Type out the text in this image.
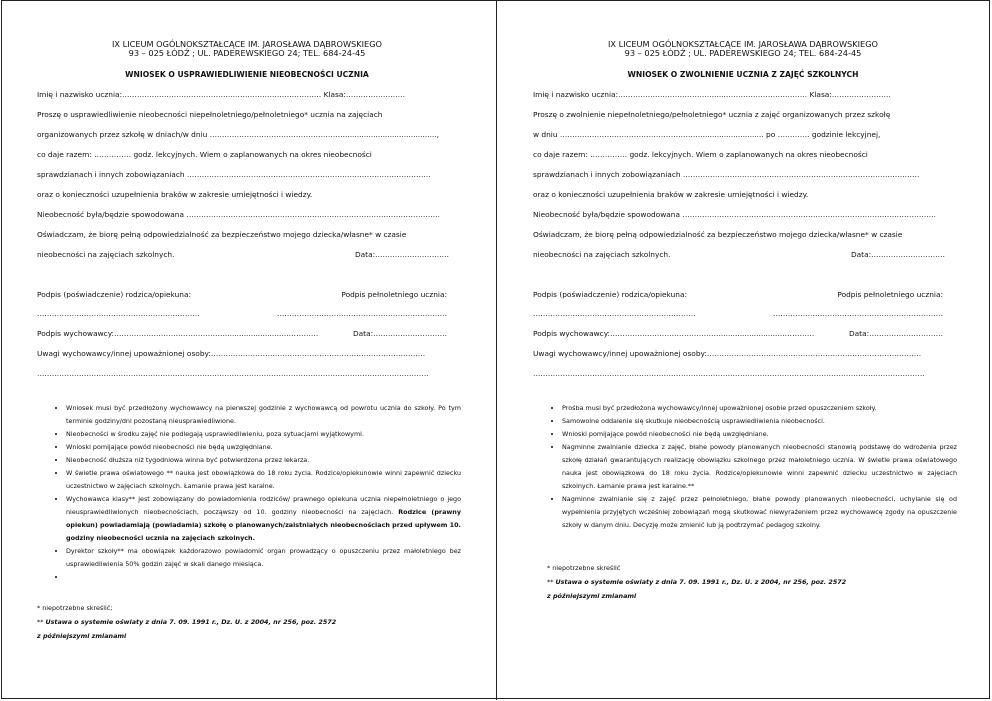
IX LICEUM OGÓLNOKSZTAŁCĄCE IM. JAROSŁAWA DĄBROWSKIEGO
93 – 025 ŁÓDŹ ; UL. PADEREWSKIEGO 24; TEL. 684-24-45
WNIOSEK O USPRAWIEDLIWIENIE NIEOBECNOŚCI UCZNIA
Imię i nazwisko ucznia:……………………………………...……………………………… Klasa:……………………
Proszę o usprawiedliwienie nieobecności niepełnoletniego/pełnoletniego* ucznia na zajęciach
organizowanych przez szkołę w dniach/w dniu ………………………………………………........................................,
co daje razem: …………… godz. lekcyjnych. Wiem o zaplanowanych na okres nieobecności
sprawdzianach i innych zobowiązaniach ………………………………………………………………………………………
oraz o konieczności uzupełnienia braków w zakresie umiejętności i wiedzy.
Nieobecność była/będzie spowodowana ………………………………………………………………………………………….
Oświadczam, że biorę pełną odpowiedzialność za bezpieczeństwo mojego dziecka/własne* w czasie
nieobecności na zajęciach szkolnych.	Data:…………………………
Podpis (poświadczenie) rodzica/opiekuna:	Podpis pełnoletniego ucznia:
…………………………………………………………	……………………………………………………………
Podpis wychowawcy:………………………………………........................……………	Data:…………………………
Uwagi wychowawcy/innej upoważnionej osoby:……………………………………………………………………………
……………………………………………………………………………………………………………………………………………
• Wniosek musi być przedłożony wychowawcy na pierwszej godzinie z wychowawcą od powrotu ucznia do szkoły. Po tym terminie godziny/dni pozostaną nieusprawiedliwione.
• Nieobecności w środku zajęć nie podlegają usprawiedliwieniu, poza sytuacjami wyjątkowymi.
• Wnioski pomijające powód nieobecności nie będą uwzględniane.
• Nieobecność dłuższa niż tygodniowa winna być potwierdzona przez lekarza.
• W świetle prawa oświatowego ** nauka jest obowiązkowa do 18 roku życia. Rodzice/opiekunowie winni zapewnić dziecku uczestnictwo w zajęciach szkolnych. Łamanie prawa jest karalne.
• Wychowawca klasy** jest zobowiązany do powiadomienia rodziców/ prawnego opiekuna ucznia niepełnoletniego o jego nieusprawiedliwionych nieobecnościach, począwszy od 10. godziny nieobecności na zajęciach. Rodzice (prawny opiekun) powiadamiają (powiadamia) szkołę o planowanych/zaistniałych nieobecnościach przed upływem 10. godziny nieobecności ucznia na zajęciach szkolnych.
• Dyrektor szkoły** ma obowiązek każdorazowo powiadomić organ prowadzący o opuszczeniu przez małoletniego bez usprawiedliwienia 50% godzin zajęć w skali danego miesiąca.
•
* niepotrzebne skreślić;
** Ustawa o systemie oświaty z dnia 7. 09. 1991 r., Dz. U. z 2004, nr 256, poz. 2572
z późniejszymi zmianami
IX LICEUM OGÓLNOKSZTAŁCĄCE IM. JAROSŁAWA DĄBROWSKIEGO
93 – 025 ŁÓDŹ ; UL. PADEREWSKIEGO 24; TEL. 684-24-45
WNIOSEK O ZWOLNIENIE UCZNIA Z ZAJĘĆ SZKOLNYCH
Imię i nazwisko ucznia:………………………………….....…………………………… Klasa:……………………
Proszę o zwolnienie niepełnoletniego/pełnoletniego* ucznia z zajęć organizowanych przez szkołę
w dniu …………………………………………………........................... po …………. godzinie lekcyjnej,
co daje razem: …………… godz. lekcyjnych. Wiem o zaplanowanych na okres nieobecności
sprawdzianach i innych zobowiązaniach ……………………………………………………………………………………
oraz o konieczności uzupełnienia braków w zakresie umiejętności i wiedzy.
Nieobecność była/będzie spowodowana ………………………………………………………………………………………….
Oświadczam, że biorę pełną odpowiedzialność za bezpieczeństwo mojego dziecka/własne* w czasie
nieobecności na zajęciach szkolnych.	Data:…………………………
Podpis (poświadczenie) rodzica/opiekuna:	Podpis pełnoletniego ucznia:
…………………………………………………………	……………………………………………………………
Podpis wychowawcy:………………………………………........................……………	Data:…………………………
Uwagi wychowawcy/innej upoważnionej osoby:……………………………………………………………………………
……………………………………………………………………………………………………………………………………………
• Prośba musi być przedłożona wychowawcy/innej upoważnionej osobie przed opuszczeniem szkoły.
• Samowolne oddalenie się skutkuje nieobecnością usprawiedliwienia nieobecności.
• Wnioski pomijające powód nieobecności nie będą uwzględniane.
• Nagminne zwalnianie dziecka z zajęć, błahe powody planowanych nieobecności stanowią podstawę do wdrożenia przez szkołę działań gwarantujących realizację obowiązku szkolnego przez małoletniego ucznia. W świetle prawa oświatowego nauka jest obowiązkowa do 18 roku życia. Rodzice/opiekunowie winni zapewnić dziecku uczestnictwo w zajęciach szkolnych. Łamanie prawa jest karalne.**
• Nagminne zwalnianie się z zajęć przez pełnoletniego, błahe powody planowanych nieobecności, uchylanie się od wypełnienia przyjętych wcześniej zobowiązań mogą skutkować niewyrażeniem przez wychowawcę zgody na opuszczenie szkoły w danym dniu. Decyzję może zmienić lub ją podtrzymać pedagog szkolny.
* niepotrzebne skreślić
** Ustawa o systemie oświaty z dnia 7. 09. 1991 r., Dz. U. z 2004, nr 256, poz. 2572
z późniejszymi zmianami
